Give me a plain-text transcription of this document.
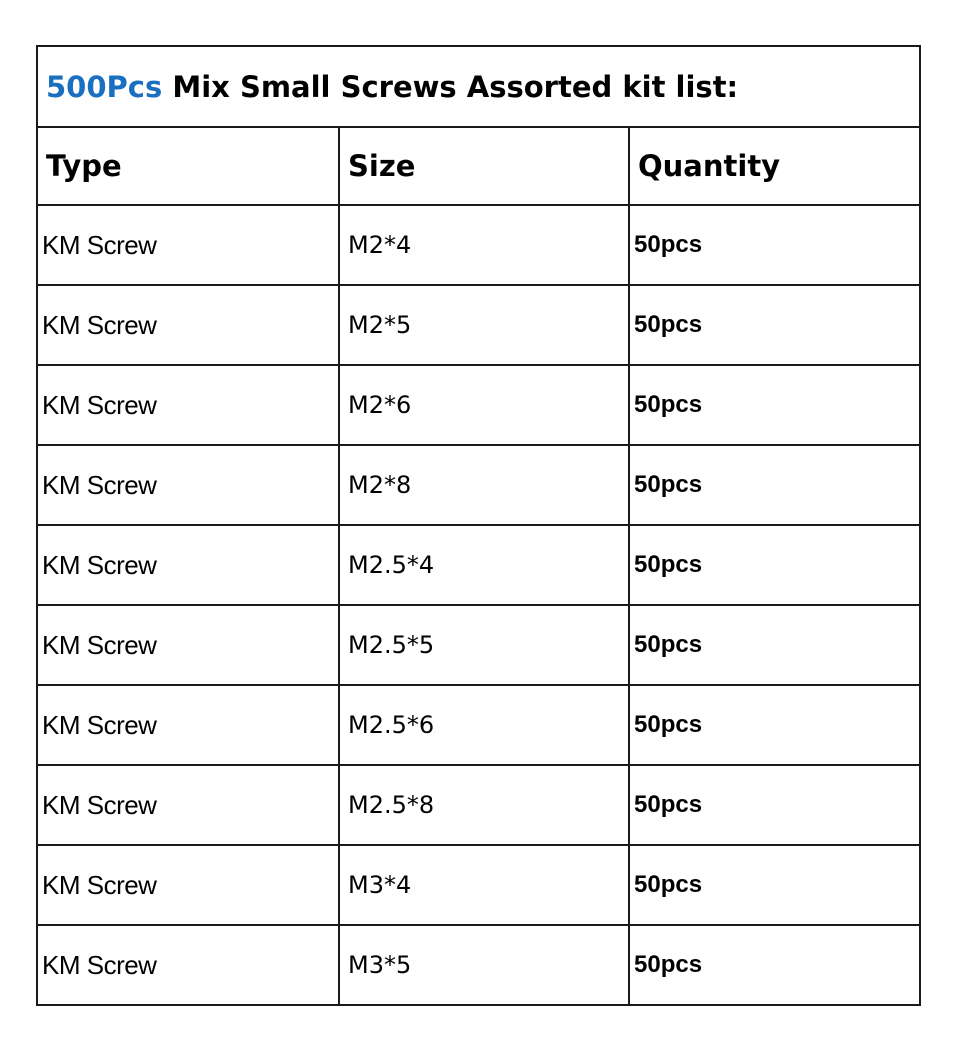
500Pcs Mix Small Screws Assorted kit list:		
Type	Size	Quantity
KM Screw	M2*4	50pcs
KM Screw	M2*5	50pcs
KM Screw	M2*6	50pcs
KM Screw	M2*8	50pcs
KM Screw	M2.5*4	50pcs
KM Screw	M2.5*5	50pcs
KM Screw	M2.5*6	50pcs
KM Screw	M2.5*8	50pcs
KM Screw	M3*4	50pcs
KM Screw	M3*5	50pcs
